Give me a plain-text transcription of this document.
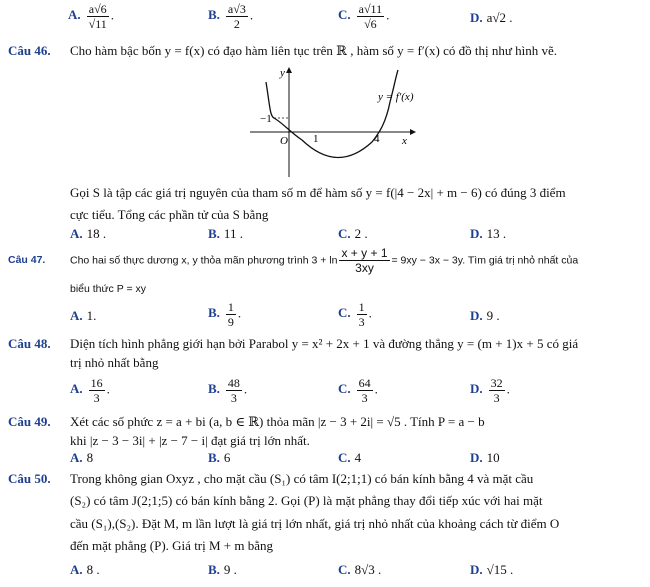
A. $\frac{a√6}{√11}$ .	B. $\frac{a√3}{2}$ .	C. $\frac{a√11}{√6}$ .	D. a√2 .
Câu 46. Cho hàm bậc bốn y = f(x) có đạo hàm liên tục trên ℝ , hàm số y = f′(x) có đồ thị như hình vẽ.
y
x
O 1	4
−1
y = f′(x)
Gọi S là tập các giá trị nguyên của tham số m để hàm số y = f(|4 − 2x| + m − 6) có đúng 3 điểm
cực tiểu. Tổng các phần tử của S bằng
A. 18 .	B. 11 .	C. 2 .	D. 13 .
Câu 47. Cho hai số thực dương x, y thỏa mãn phương trình $3 + \ln \frac{x + y + 1}{3xy} = 9xy - 3x - 3y$. Tìm giá trị nhỏ nhất của
biểu thức P = xy
A. 1.	B. $\frac{1}{9}$ .	C. $\frac{1}{3}$ .	D. 9 .
Câu 48. Diện tích hình phẳng giới hạn bởi Parabol y = x² + 2x + 1 và đường thẳng y = (m + 1)x + 5 có giá
trị nhỏ nhất bằng
A. $\frac{16}{3}$ .	B. $\frac{48}{3}$ .	C. $\frac{64}{3}$ .	D. $\frac{32}{3}$ .
Câu 49. Xét các số phức z = a + bi (a, b ∈ ℝ) thỏa mãn |z − 3 + 2i| = √5 . Tính P = a − b
khi |z − 3 − 3i| + |z − 7 − i| đạt giá trị lớn nhất.
A. 8	B. 6	C. 4	D. 10
Câu 50. Trong không gian Oxyz , cho mặt cầu (S₁) có tâm I(2;1;1) có bán kính bằng 4 và mặt cầu
(S₂) có tâm J(2;1;5) có bán kính bằng 2. Gọi (P) là mặt phẳng thay đổi tiếp xúc với hai mặt
cầu (S₁),(S₂). Đặt M, m lần lượt là giá trị lớn nhất, giá trị nhỏ nhất của khoảng cách từ điểm O
đến mặt phẳng (P). Giá trị M + m bằng
A. 8 .	B. 9 .	C. 8√3 .	D. √15 .
